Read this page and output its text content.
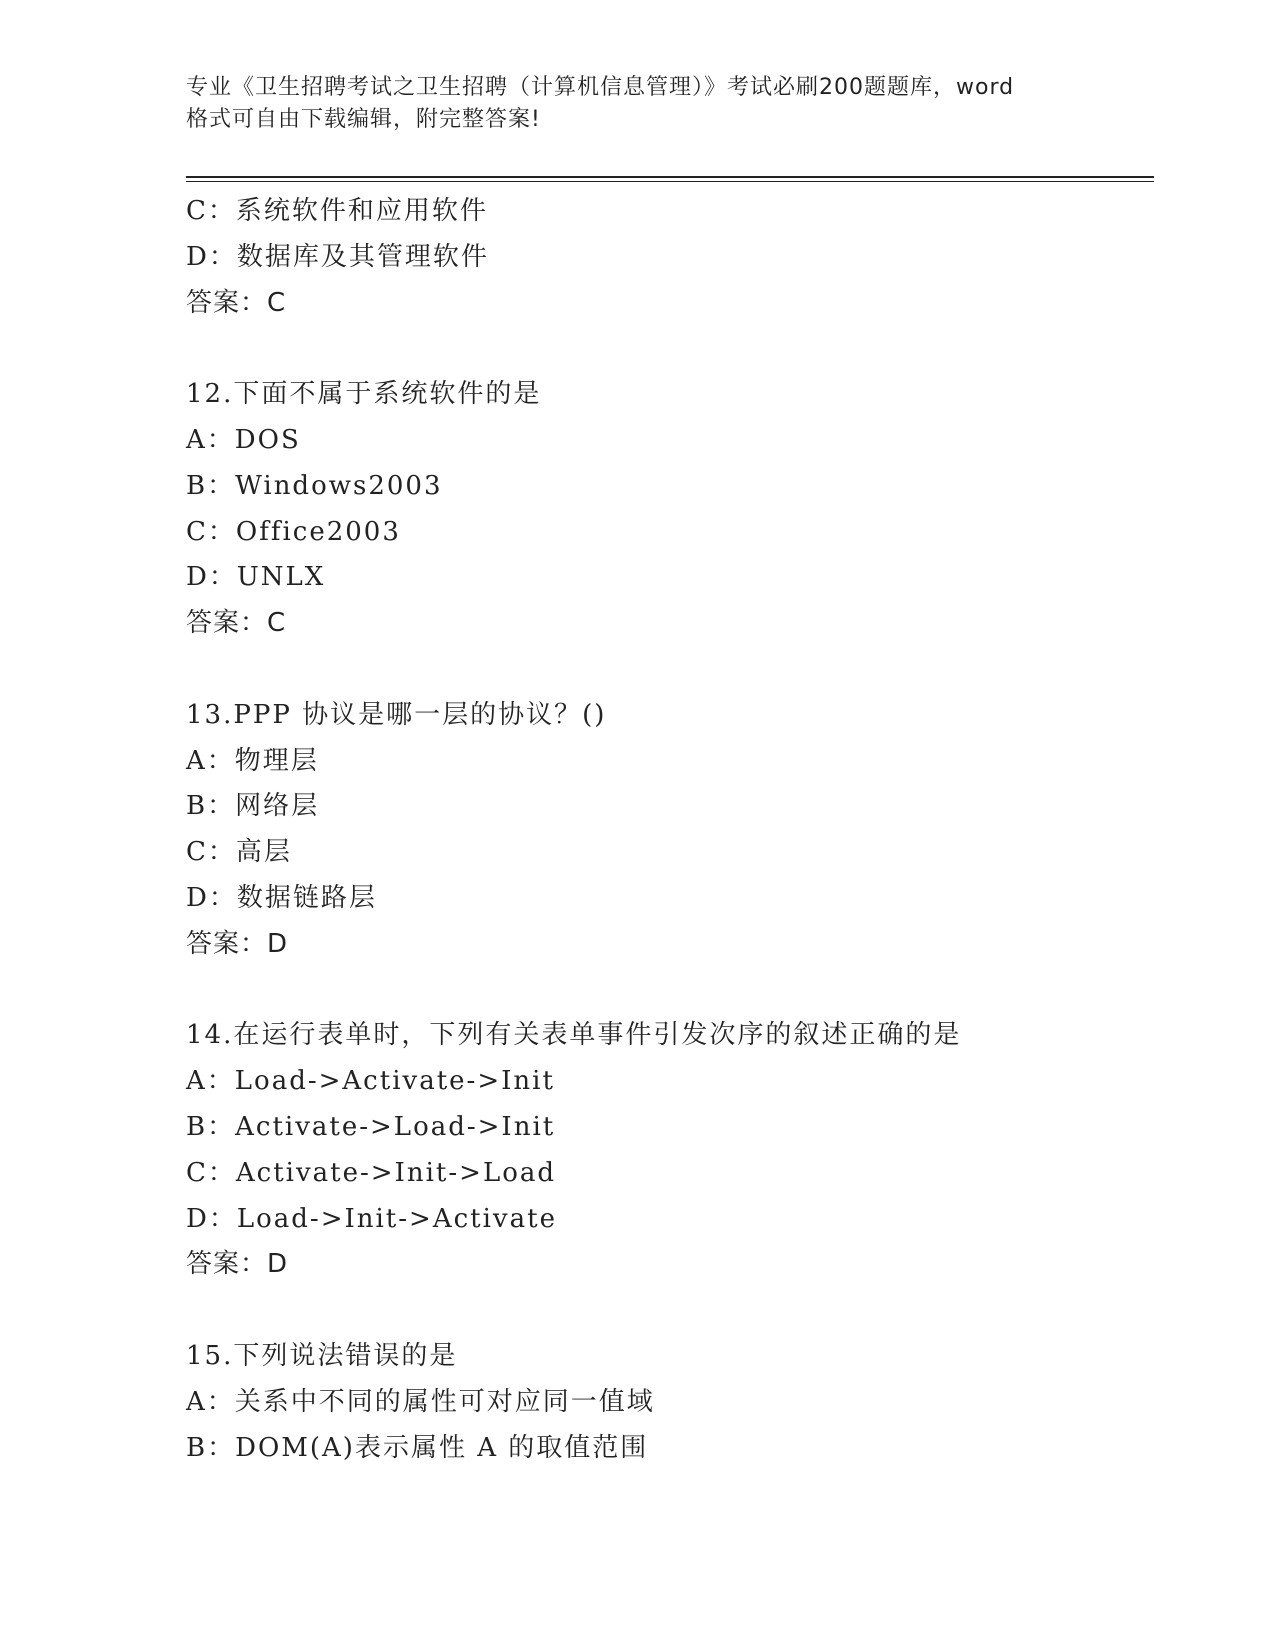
专业《卫生招聘考试之卫生招聘（计算机信息管理）》考试必刷200题题库，word
格式可自由下载编辑，附完整答案!
C：系统软件和应用软件
D：数据库及其管理软件
答案：C
12.下面不属于系统软件的是
A：DOS
B：Windows2003
C：Office2003
D：UNLX
答案：C
13.PPP 协议是哪一层的协议？()
A：物理层
B：网络层
C：高层
D：数据链路层
答案：D
14.在运行表单时，下列有关表单事件引发次序的叙述正确的是
A：Load->Activate->Init
B：Activate->Load->Init
C：Activate->Init->Load
D：Load->Init->Activate
答案：D
15.下列说法错误的是
A：关系中不同的属性可对应同一值域
B：DOM(A)表示属性 A 的取值范围
